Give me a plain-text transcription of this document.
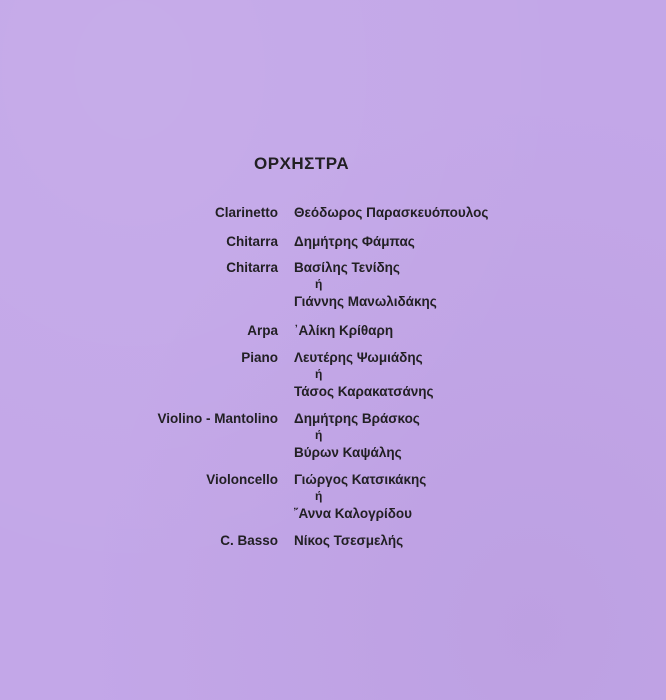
ΟΡΧΗΣΤΡΑ
Clarinetto	Θεόδωρος Παρασκευόπουλος
Chitarra	Δημήτρης Φάμπας
Chitarra	Βασίλης Τενίδης
ή
Γιάννης Μανωλιδάκης
Arpa	᾿Αλίκη Κρίθαρη
Piano	Λευτέρης Ψωμιάδης
ή
Τάσος Καρακατσάνης
Violino - Mantolino	Δημήτρης Βράσκος
ή
Βύρων Καψάλης
Violoncello	Γιώργος Κατσικάκης
ή
῎Αννα Καλογρίδου
C. Basso	Νίκος Τσεσμελής
